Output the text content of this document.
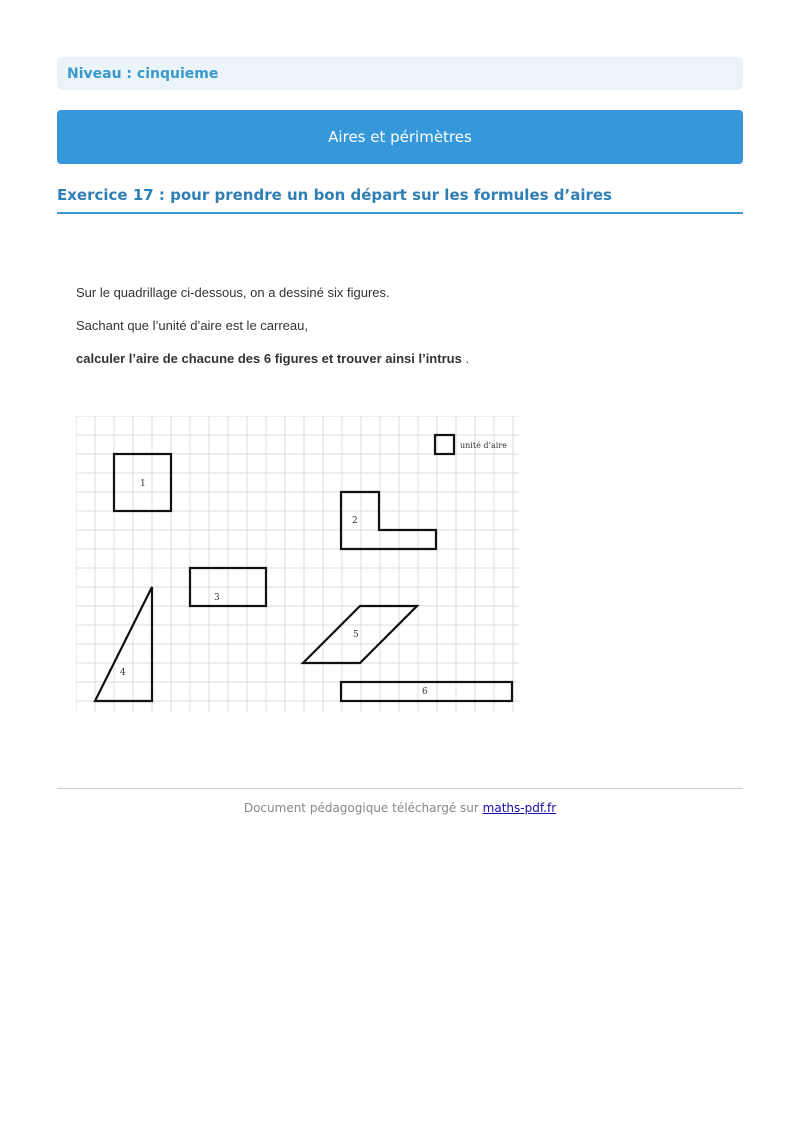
Niveau : cinquieme
Aires et périmètres
Exercice 17 : pour prendre un bon départ sur les formules d’aires
Sur le quadrillage ci-dessous, on a dessiné six figures.
Sachant que l’unité d’aire est le carreau,
calculer l’aire de chacune des 6 figures et trouver ainsi l’intrus .
1
2
3
4
5
6
unité d’aire
Document pédagogique téléchargé sur maths-pdf.fr
